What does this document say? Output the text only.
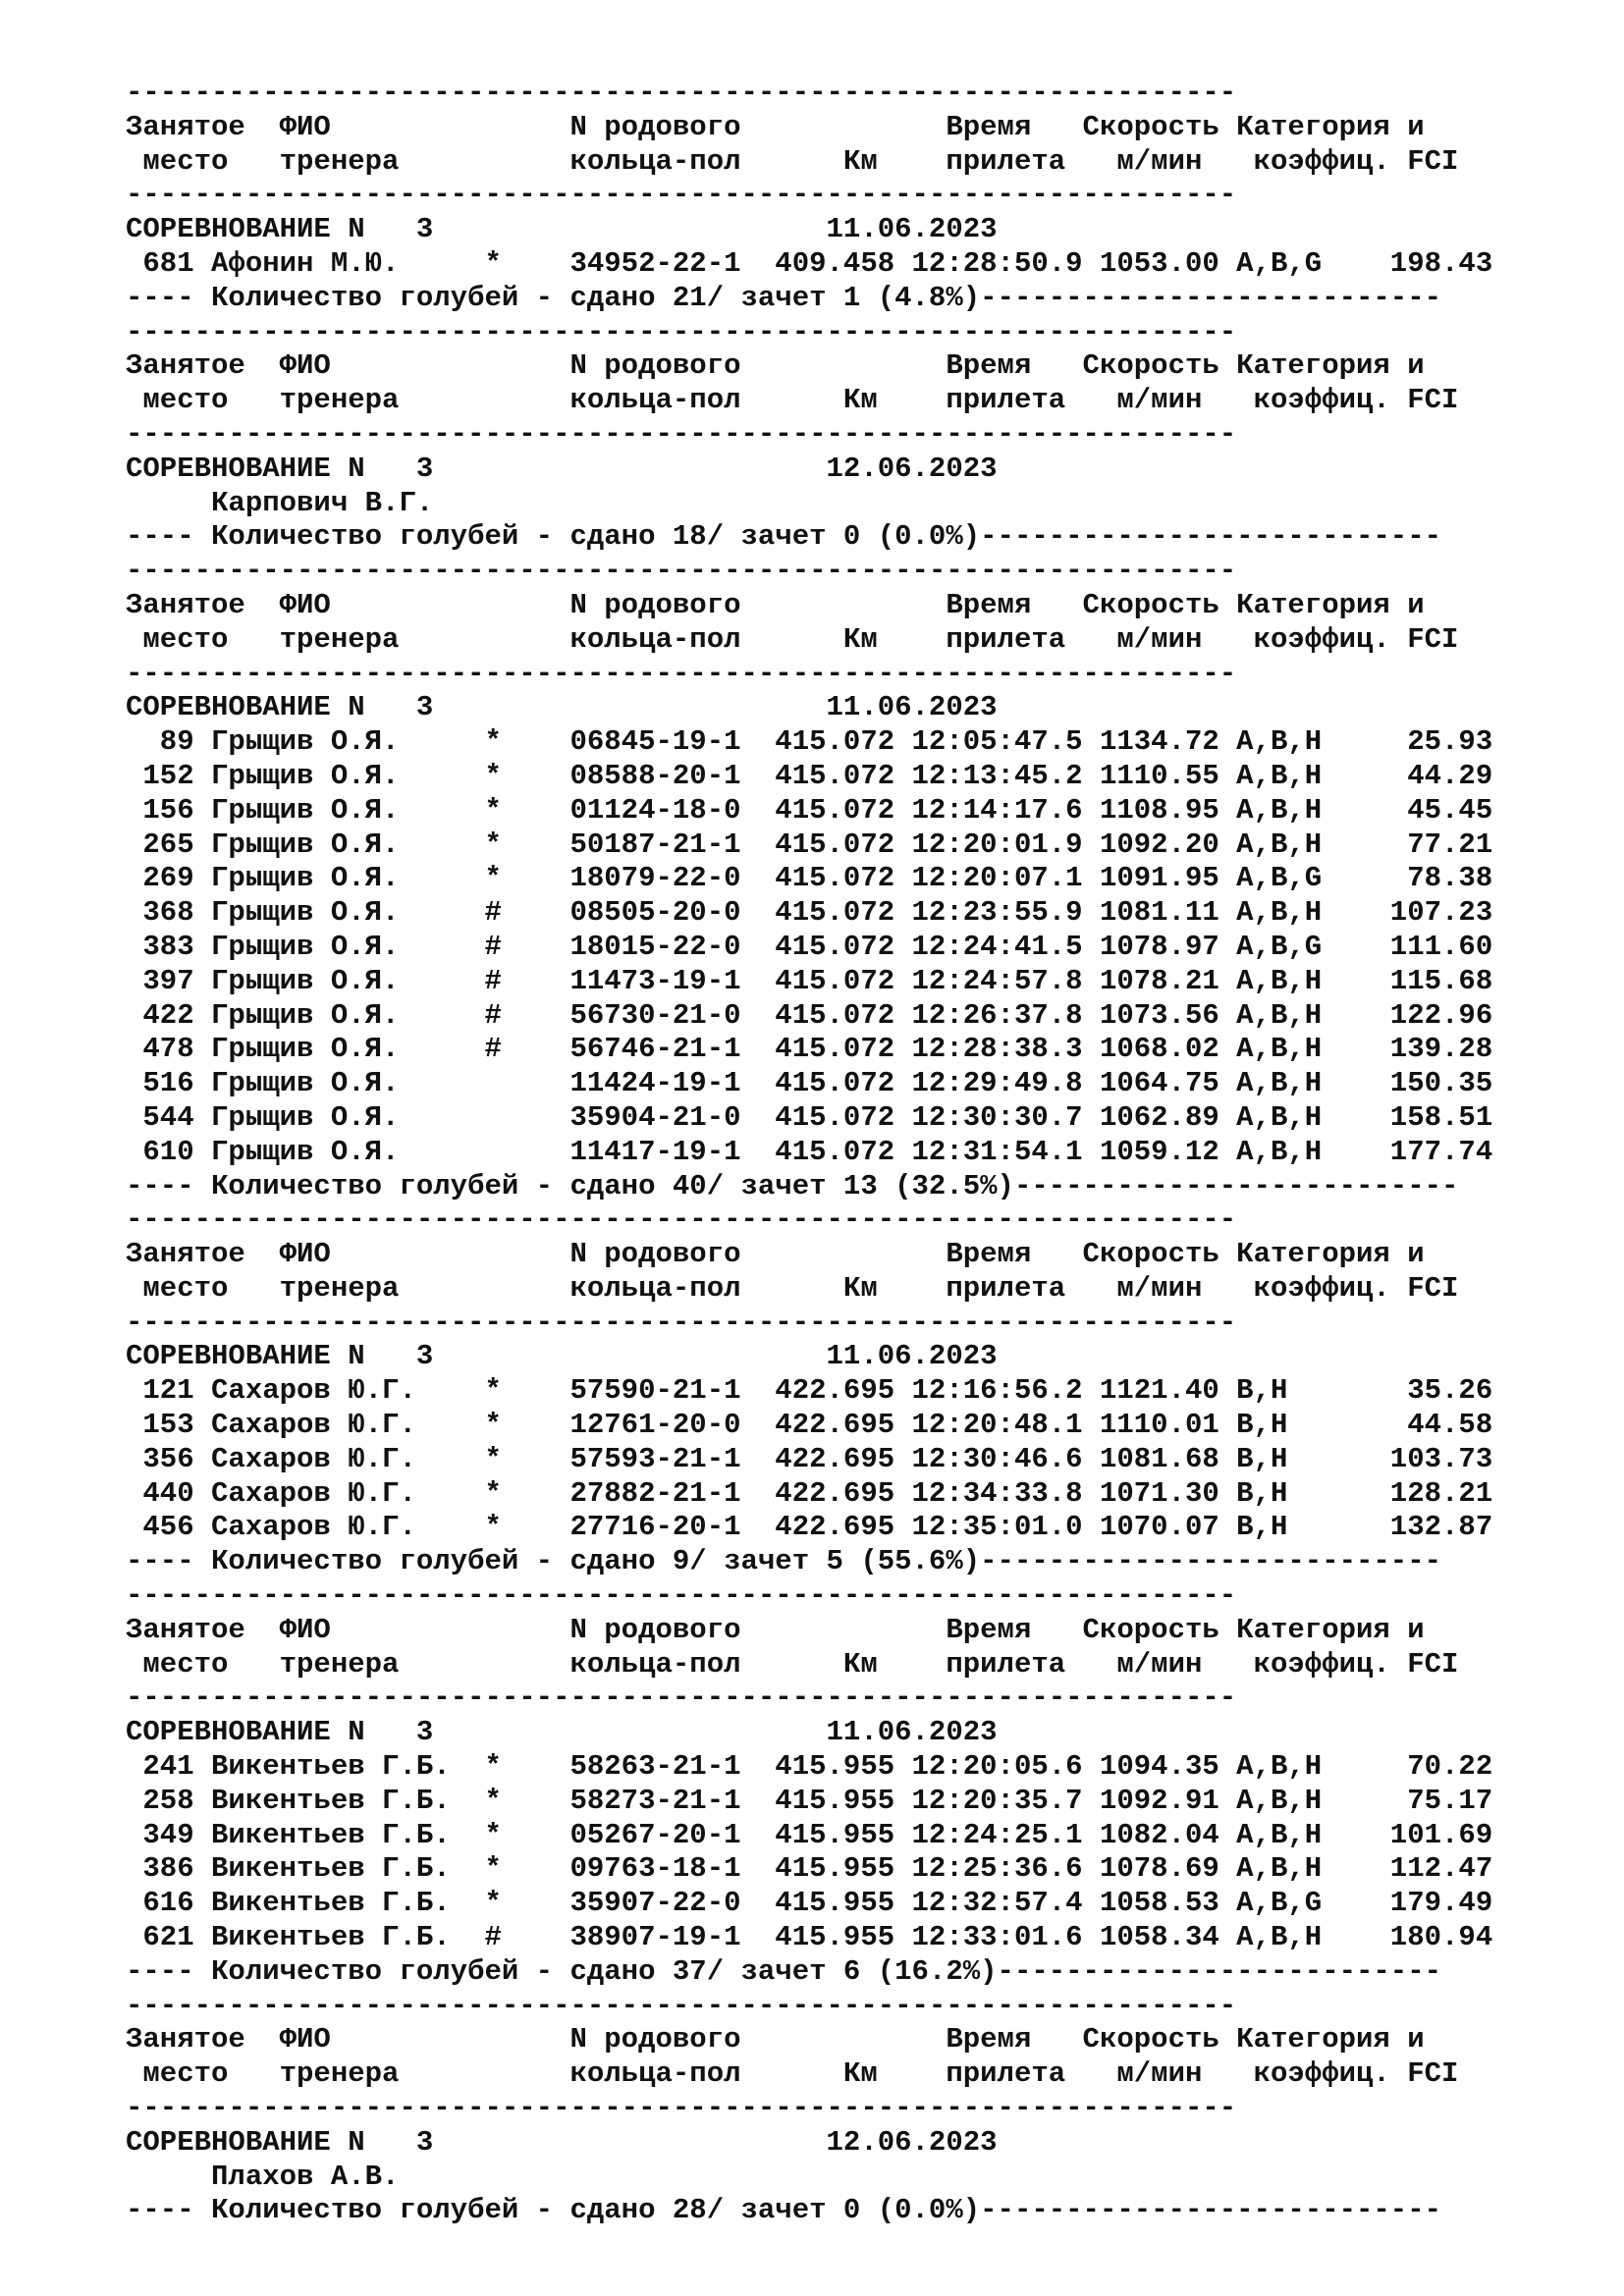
-----------------------------------------------------------------
Занятое  ФИО              N родового            Время   Скорость Категория и
место   тренера          кольца-пол      Км    прилета   м/мин   коэффиц. FCI
-----------------------------------------------------------------
СОРЕВНОВАНИЕ N   3                       11.06.2023
681 Афонин М.Ю.     *    34952-22-1  409.458 12:28:50.9 1053.00 A,B,G    198.43
---- Количество голубей - сдано 21/ зачет 1 (4.8%)---------------------------
-----------------------------------------------------------------
Занятое  ФИО              N родового            Время   Скорость Категория и
место   тренера          кольца-пол      Км    прилета   м/мин   коэффиц. FCI
-----------------------------------------------------------------
СОРЕВНОВАНИЕ N   3                       12.06.2023
Карпович В.Г.
---- Количество голубей - сдано 18/ зачет 0 (0.0%)---------------------------
-----------------------------------------------------------------
Занятое  ФИО              N родового            Время   Скорость Категория и
место   тренера          кольца-пол      Км    прилета   м/мин   коэффиц. FCI
-----------------------------------------------------------------
СОРЕВНОВАНИЕ N   3                       11.06.2023
89 Грыщив О.Я.     *    06845-19-1  415.072 12:05:47.5 1134.72 A,B,H     25.93
152 Грыщив О.Я.     *    08588-20-1  415.072 12:13:45.2 1110.55 A,B,H     44.29
156 Грыщив О.Я.     *    01124-18-0  415.072 12:14:17.6 1108.95 A,B,H     45.45
265 Грыщив О.Я.     *    50187-21-1  415.072 12:20:01.9 1092.20 A,B,H     77.21
269 Грыщив О.Я.     *    18079-22-0  415.072 12:20:07.1 1091.95 A,B,G     78.38
368 Грыщив О.Я.     #    08505-20-0  415.072 12:23:55.9 1081.11 A,B,H    107.23
383 Грыщив О.Я.     #    18015-22-0  415.072 12:24:41.5 1078.97 A,B,G    111.60
397 Грыщив О.Я.     #    11473-19-1  415.072 12:24:57.8 1078.21 A,B,H    115.68
422 Грыщив О.Я.     #    56730-21-0  415.072 12:26:37.8 1073.56 A,B,H    122.96
478 Грыщив О.Я.     #    56746-21-1  415.072 12:28:38.3 1068.02 A,B,H    139.28
516 Грыщив О.Я.          11424-19-1  415.072 12:29:49.8 1064.75 A,B,H    150.35
544 Грыщив О.Я.          35904-21-0  415.072 12:30:30.7 1062.89 A,B,H    158.51
610 Грыщив О.Я.          11417-19-1  415.072 12:31:54.1 1059.12 A,B,H    177.74
---- Количество голубей - сдано 40/ зачет 13 (32.5%)--------------------------
-----------------------------------------------------------------
Занятое  ФИО              N родового            Время   Скорость Категория и
место   тренера          кольца-пол      Км    прилета   м/мин   коэффиц. FCI
-----------------------------------------------------------------
СОРЕВНОВАНИЕ N   3                       11.06.2023
121 Сахаров Ю.Г.    *    57590-21-1  422.695 12:16:56.2 1121.40 B,H       35.26
153 Сахаров Ю.Г.    *    12761-20-0  422.695 12:20:48.1 1110.01 B,H       44.58
356 Сахаров Ю.Г.    *    57593-21-1  422.695 12:30:46.6 1081.68 B,H      103.73
440 Сахаров Ю.Г.    *    27882-21-1  422.695 12:34:33.8 1071.30 B,H      128.21
456 Сахаров Ю.Г.    *    27716-20-1  422.695 12:35:01.0 1070.07 B,H      132.87
---- Количество голубей - сдано 9/ зачет 5 (55.6%)---------------------------
-----------------------------------------------------------------
Занятое  ФИО              N родового            Время   Скорость Категория и
место   тренера          кольца-пол      Км    прилета   м/мин   коэффиц. FCI
-----------------------------------------------------------------
СОРЕВНОВАНИЕ N   3                       11.06.2023
241 Викентьев Г.Б.  *    58263-21-1  415.955 12:20:05.6 1094.35 A,B,H     70.22
258 Викентьев Г.Б.  *    58273-21-1  415.955 12:20:35.7 1092.91 A,B,H     75.17
349 Викентьев Г.Б.  *    05267-20-1  415.955 12:24:25.1 1082.04 A,B,H    101.69
386 Викентьев Г.Б.  *    09763-18-1  415.955 12:25:36.6 1078.69 A,B,H    112.47
616 Викентьев Г.Б.  *    35907-22-0  415.955 12:32:57.4 1058.53 A,B,G    179.49
621 Викентьев Г.Б.  #    38907-19-1  415.955 12:33:01.6 1058.34 A,B,H    180.94
---- Количество голубей - сдано 37/ зачет 6 (16.2%)--------------------------
-----------------------------------------------------------------
Занятое  ФИО              N родового            Время   Скорость Категория и
место   тренера          кольца-пол      Км    прилета   м/мин   коэффиц. FCI
-----------------------------------------------------------------
СОРЕВНОВАНИЕ N   3                       12.06.2023
Плахов А.В.
---- Количество голубей - сдано 28/ зачет 0 (0.0%)---------------------------
